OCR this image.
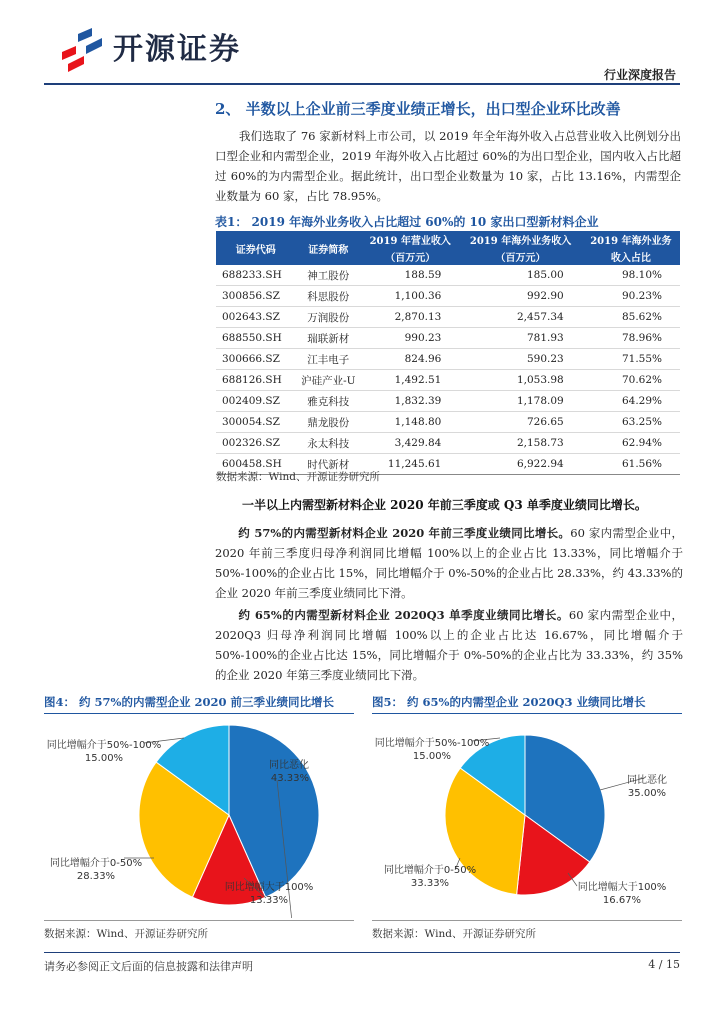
开源证券
行业深度报告
2、 半数以上企业前三季度业绩正增长，出口型企业环比改善
我们选取了 76 家新材料上市公司，以 2019 年全年海外收入占总营业收入比例划分出口型企业和内需型企业，2019 年海外收入占比超过 60%的为出口型企业，国内收入占比超过 60%的为内需型企业。据此统计，出口型企业数量为 10 家，占比 13.16%，内需型企业数量为 60 家，占比 78.95%。
表1： 2019 年海外业务收入占比超过 60%的 10 家出口型新材料企业
证券代码	证券简称	2019 年营业收入	2019 年海外业务收入	2019 年海外业务
		（百万元）	（百万元）	收入占比
688233.SH	神工股份	188.59	185.00	98.10%
300856.SZ	科思股份	1,100.36	992.90	90.23%
002643.SZ	万润股份	2,870.13	2,457.34	85.62%
688550.SH	瑞联新材	990.23	781.93	78.96%
300666.SZ	江丰电子	824.96	590.23	71.55%
688126.SH	沪硅产业-U	1,492.51	1,053.98	70.62%
002409.SZ	雅克科技	1,832.39	1,178.09	64.29%
300054.SZ	鼎龙股份	1,148.80	726.65	63.25%
002326.SZ	永太科技	3,429.84	2,158.73	62.94%
600458.SH	时代新材	11,245.61	6,922.94	61.56%
数据来源：Wind、开源证券研究所
一半以上内需型新材料企业 2020 年前三季度或 Q3 单季度业绩同比增长。
  约 57%的内需型新材料企业 2020 年前三季度业绩同比增长。60 家内需型企业中，2020 年前三季度归母净利润同比增幅 100%以上的企业占比 13.33%，同比增幅介于 50%-100%的企业占比 15%，同比增幅介于 0%-50%的企业占比 28.33%，约 43.33%的企业 2020 年前三季度业绩同比下滑。
  约 65%的内需型新材料企业 2020Q3 单季度业绩同比增长。60 家内需型企业中，2020Q3 归母净利润同比增幅 100%以上的企业占比达 16.67%，同比增幅介于 50%-100%的企业占比达 15%，同比增幅介于 0%-50%的企业占比为 33.33%，约 35%的企业 2020 年第三季度业绩同比下滑。
图4： 约 57%的内需型企业 2020 前三季业绩同比增长	图5： 约 65%的内需型企业 2020Q3 业绩同比增长
同比恶化
43.33%
同比增幅大于100%
13.33%
同比增幅介于0-50%
28.33%
同比增幅介于50%-100%
15.00%
同比恶化
35.00%
同比增幅大于100%
16.67%
同比增幅介于0-50%
33.33%
同比增幅介于50%-100%
15.00%
数据来源：Wind、开源证券研究所	数据来源：Wind、开源证券研究所
请务必参阅正文后面的信息披露和法律声明	4 / 15
